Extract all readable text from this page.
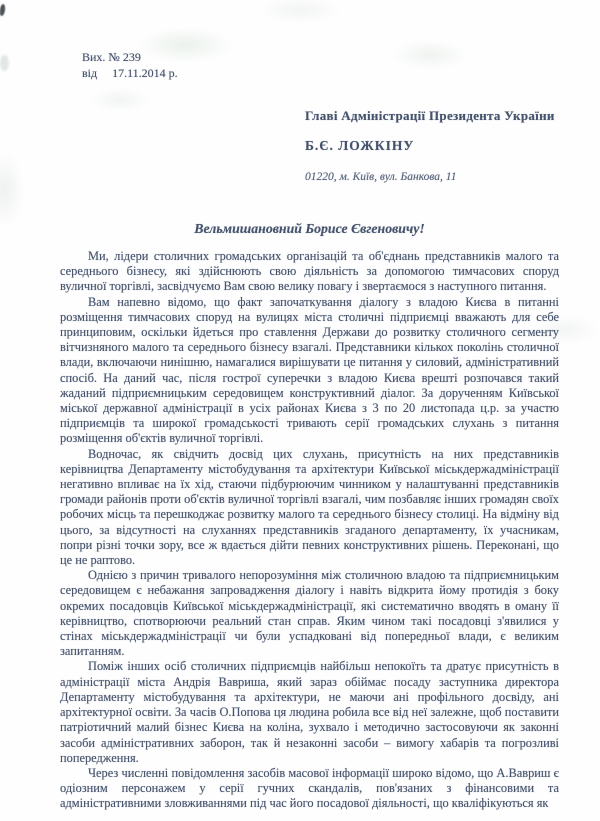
Вих. № 239
від 17.11.2014 р.
Главі Адміністрації Президента України
Б.Є. ЛОЖКІНУ
01220, м. Київ, вул. Банкова, 11
Вельмишановний Борисе Євгеновичу!

Ми, лідери столичних громадських організацій та об'єднань представників малого та середнього бізнесу, які здійснюють свою діяльність за допомогою тимчасових споруд вуличної торгівлі, засвідчуємо Вам свою велику повагу і звертаємося з наступного питання.

Вам напевно відомо, що факт започаткування діалогу з владою Києва в питанні розміщення тимчасових споруд на вулицях міста столичні підприємці вважають для себе принциповим, оскільки йдеться про ставлення Держави до розвитку столичного сегменту вітчизняного малого та середнього бізнесу взагалі. Представники кількох поколінь столичної влади, включаючи нинішню, намагалися вирішувати це питання у силовий, адміністративний спосіб. На даний час, після гострої суперечки з владою Києва врешті розпочався такий жаданий підприємницьким середовищем конструктивний діалог. За дорученням Київської міської державної адміністрації в усіх районах Києва з 3 по 20 листопада ц.р. за участю підприємців та широкої громадськості тривають серії громадських слухань з питання розміщення об'єктів вуличної торгівлі.

Водночас, як свідчить досвід цих слухань, присутність на них представників керівництва Департаменту містобудування та архітектури Київської міськдержадміністрації негативно впливає на їх хід, стаючи підбурюючим чинником у налаштуванні представників громади районів проти об'єктів вуличної торгівлі взагалі, чим позбавляє інших громадян своїх робочих місць та перешкоджає розвитку малого та середнього бізнесу столиці. На відміну від цього, за відсутності на слуханнях представників згаданого департаменту, їх учасникам, попри різні точки зору, все ж вдається дійти певних конструктивних рішень. Переконані, що це не раптово.

Однією з причин тривалого непорозуміння між столичною владою та підприємницьким середовищем є небажання запровадження діалогу і навіть відкрита йому протидія з боку окремих посадовців Київської міськдержадміністрації, які систематично вводять в оману її керівництво, спотворюючи реальний стан справ. Яким чином такі посадовці з'явилися у стінах міськдержадміністрації чи були успадковані від попередньої влади, є великим запитанням.

Поміж інших осіб столичних підприємців найбільш непокоїть та дратує присутність в адміністрації міста Андрія Вавриша, який зараз обіймає посаду заступника директора Департаменту містобудування та архітектури, не маючи ані профільного досвіду, ані архітектурної освіти. За часів О.Попова ця людина робила все від неї залежне, щоб поставити патріотичний малий бізнес Києва на коліна, зухвало і методично застосовуючи як законні засоби адміністративних заборон, так й незаконні засоби – вимогу хабарів та погрозливі попередження.

Через численні повідомлення засобів масової інформації широко відомо, що А.Вавриш є одіозним персонажем у серії гучних скандалів, пов'язаних з фінансовими та адміністративними зловживаннями під час його посадової діяльності, що кваліфікуються як
